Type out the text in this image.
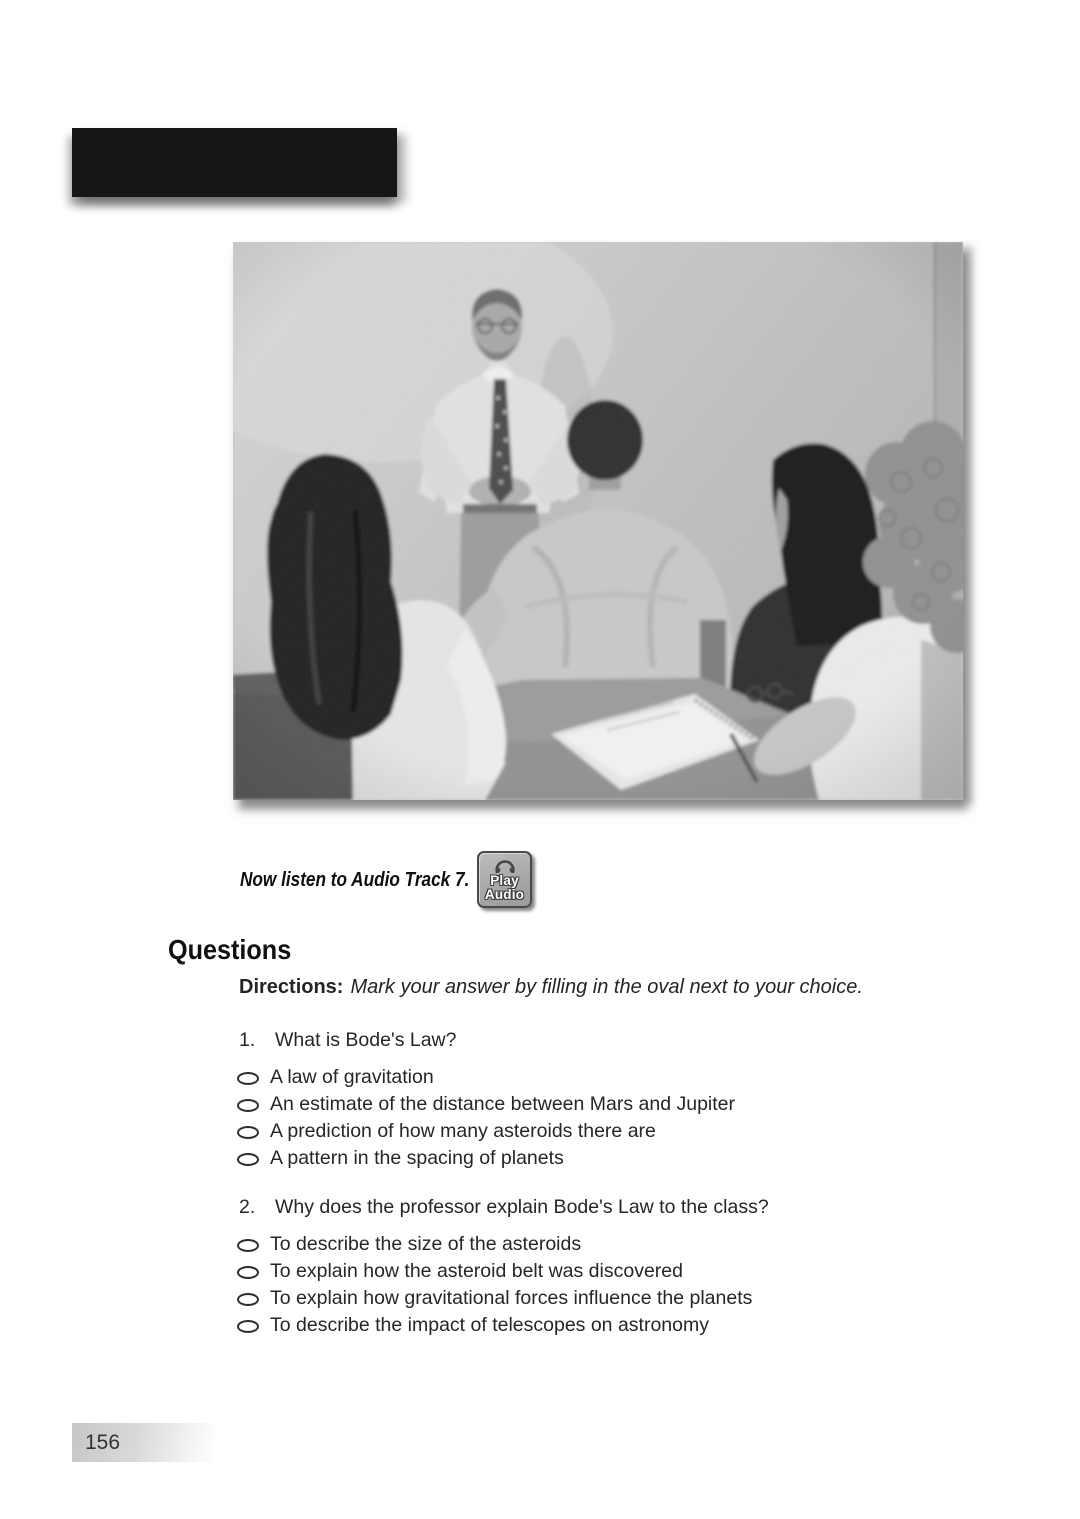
Now listen to Audio Track 7. Play
Audio
Questions
Directions: Mark your answer by filling in the oval next to your choice.
1.	What is Bode's Law?
A law of gravitation
An estimate of the distance between Mars and Jupiter
A prediction of how many asteroids there are
A pattern in the spacing of planets
2.	Why does the professor explain Bode's Law to the class?
To describe the size of the asteroids
To explain how the asteroid belt was discovered
To explain how gravitational forces influence the planets
To describe the impact of telescopes on astronomy
156
